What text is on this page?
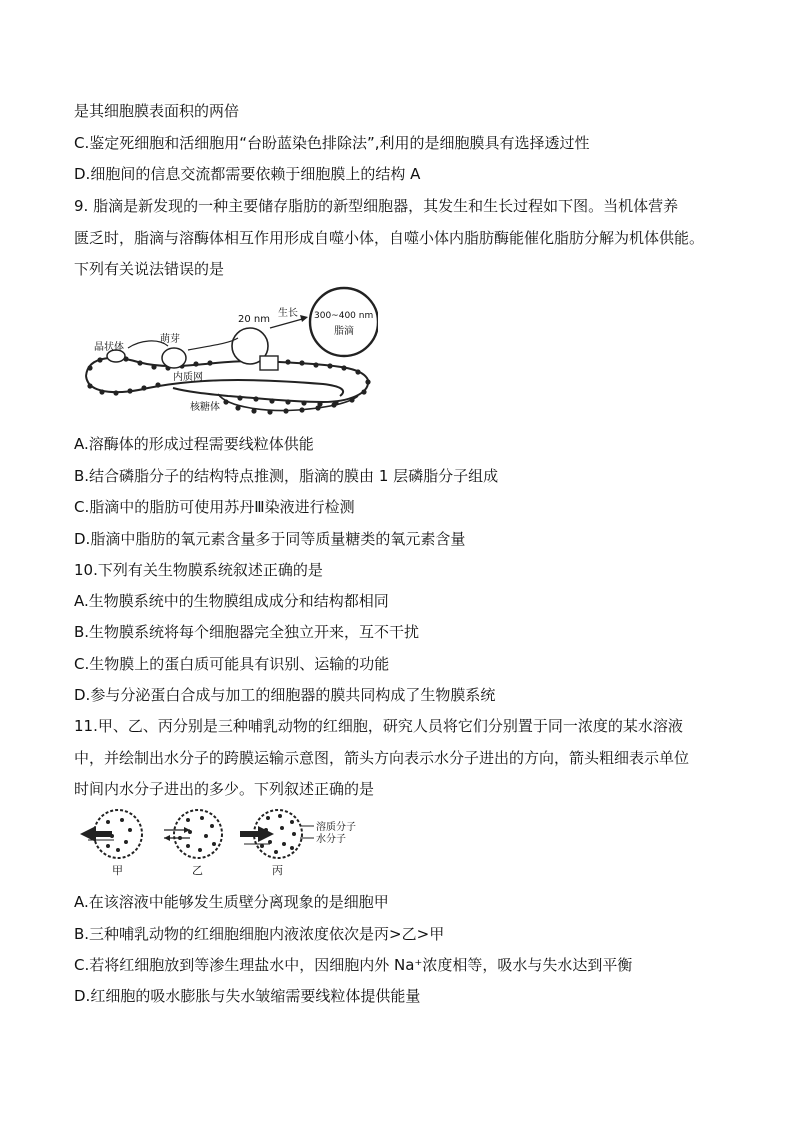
是其细胞膜表面积的两倍
C.鉴定死细胞和活细胞用“台盼蓝染色排除法”,利用的是细胞膜具有选择透过性
D.细胞间的信息交流都需要依赖于细胞膜上的结构 A
9. 脂滴是新发现的一种主要储存脂肪的新型细胞器，其发生和生长过程如下图。当机体营养
匮乏时，脂滴与溶酶体相互作用形成自噬小体，自噬小体内脂肪酶能催化脂肪分解为机体供能。
下列有关说法错误的是
晶状体
萌芽
20 nm
生长 300~400 nm
脂滴
内质网
核糖体
A.溶酶体的形成过程需要线粒体供能
B.结合磷脂分子的结构特点推测，脂滴的膜由 1 层磷脂分子组成
C.脂滴中的脂肪可使用苏丹Ⅲ染液进行检测
D.脂滴中脂肪的氧元素含量多于同等质量糖类的氧元素含量
10.下列有关生物膜系统叙述正确的是
A.生物膜系统中的生物膜组成成分和结构都相同
B.生物膜系统将每个细胞器完全独立开来，互不干扰
C.生物膜上的蛋白质可能具有识别、运输的功能
D.参与分泌蛋白合成与加工的细胞器的膜共同构成了生物膜系统
11.甲、乙、丙分别是三种哺乳动物的红细胞，研究人员将它们分别置于同一浓度的某水溶液
中，并绘制出水分子的跨膜运输示意图，箭头方向表示水分子进出的方向，箭头粗细表示单位
时间内水分子进出的多少。下列叙述正确的是
溶质分子
水分子
甲	乙	丙
A.在该溶液中能够发生质壁分离现象的是细胞甲
B.三种哺乳动物的红细胞细胞内液浓度依次是丙>乙>甲
C.若将红细胞放到等渗生理盐水中，因细胞内外 Na⁺浓度相等，吸水与失水达到平衡
D.红细胞的吸水膨胀与失水皱缩需要线粒体提供能量
